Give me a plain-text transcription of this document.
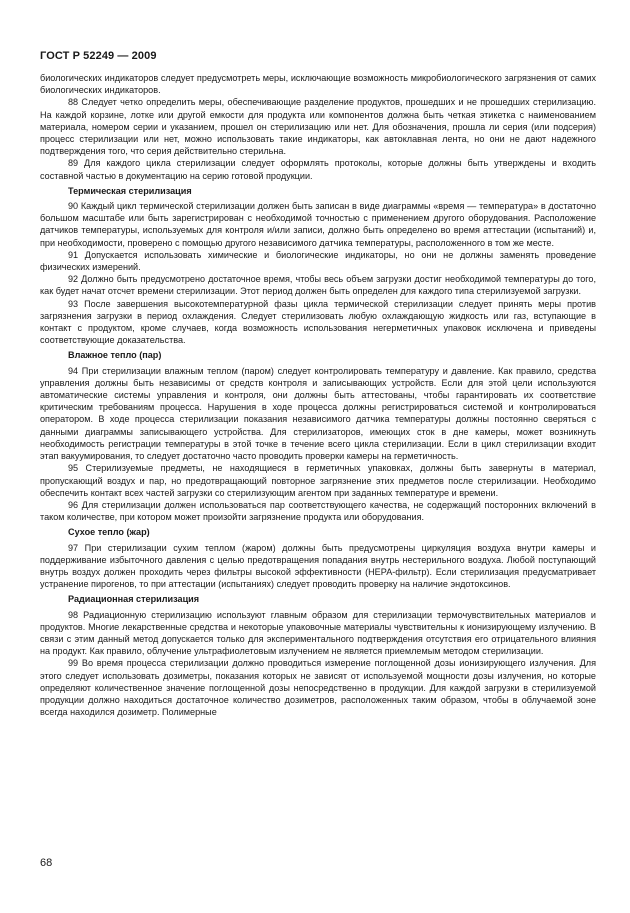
ГОСТ Р 52249 — 2009

биологических индикаторов следует предусмотреть меры, исключающие возможность микробиологического загрязнения от самих биологических индикаторов.

88 Следует четко определить меры, обеспечивающие разделение продуктов, прошедших и не прошедших стерилизацию. На каждой корзине, лотке или другой емкости для продукта или компонентов должна быть четкая этикетка с наименованием материала, номером серии и указанием, прошел он стерилизацию или нет. Для обозначения, прошла ли серия (или подсерия) процесс стерилизации или нет, можно использовать такие индикаторы, как автоклавная лента, но они не дают надежного подтверждения того, что серия действительно стерильна.

89 Для каждого цикла стерилизации следует оформлять протоколы, которые должны быть утверждены и входить составной частью в документацию на серию готовой продукции.

Термическая стерилизация

90 Каждый цикл термической стерилизации должен быть записан в виде диаграммы «время — температура» в достаточно большом масштабе или быть зарегистрирован с необходимой точностью с применением другого оборудования. Расположение датчиков температуры, используемых для контроля и/или записи, должно быть определено во время аттестации (испытаний) и, при необходимости, проверено с помощью другого независимого датчика температуры, расположенного в том же месте.

91 Допускается использовать химические и биологические индикаторы, но они не должны заменять проведение физических измерений.

92 Должно быть предусмотрено достаточное время, чтобы весь объем загрузки достиг необходимой температуры до того, как будет начат отсчет времени стерилизации. Этот период должен быть определен для каждого типа стерилизуемой загрузки.

93 После завершения высокотемпературной фазы цикла термической стерилизации следует принять меры против загрязнения загрузки в период охлаждения. Следует стерилизовать любую охлаждающую жидкость или газ, вступающие в контакт с продуктом, кроме случаев, когда возможность использования негерметичных упаковок исключена и приведены соответствующие доказательства.

Влажное тепло (пар)

94 При стерилизации влажным теплом (паром) следует контролировать температуру и давление. Как правило, средства управления должны быть независимы от средств контроля и записывающих устройств. Если для этой цели используются автоматические системы управления и контроля, они должны быть аттестованы, чтобы гарантировать их соответствие критическим требованиям процесса. Нарушения в ходе процесса должны регистрироваться системой и контролироваться оператором. В ходе процесса стерилизации показания независимого датчика температуры должны постоянно сверяться с данными диаграммы записывающего устройства. Для стерилизаторов, имеющих сток в дне камеры, может возникнуть необходимость регистрации температуры в этой точке в течение всего цикла стерилизации. Если в цикл стерилизации входит этап вакуумирования, то следует достаточно часто проводить проверки камеры на герметичность.

95 Стерилизуемые предметы, не находящиеся в герметичных упаковках, должны быть завернуты в материал, пропускающий воздух и пар, но предотвращающий повторное загрязнение этих предметов после стерилизации. Необходимо обеспечить контакт всех частей загрузки со стерилизующим агентом при заданных температуре и времени.

96 Для стерилизации должен использоваться пар соответствующего качества, не содержащий посторонних включений в таком количестве, при котором может произойти загрязнение продукта или оборудования.

Сухое тепло (жар)

97 При стерилизации сухим теплом (жаром) должны быть предусмотрены циркуляция воздуха внутри камеры и поддерживание избыточного давления с целью предотвращения попадания внутрь нестерильного воздуха. Любой поступающий внутрь воздух должен проходить через фильтры высокой эффективности (НЕРА-фильтр). Если стерилизация предусматривает устранение пирогенов, то при аттестации (испытаниях) следует проводить проверку на наличие эндотоксинов.

Радиационная стерилизация

98 Радиационную стерилизацию используют главным образом для стерилизации термочувствительных материалов и продуктов. Многие лекарственные средства и некоторые упаковочные материалы чувствительны к ионизирующему излучению. В связи с этим данный метод допускается только для экспериментального подтверждения отсутствия его отрицательного влияния на продукт. Как правило, облучение ультрафиолетовым излучением не является приемлемым методом стерилизации.

99 Во время процесса стерилизации должно проводиться измерение поглощенной дозы ионизирующего излучения. Для этого следует использовать дозиметры, показания которых не зависят от используемой мощности дозы излучения, но которые определяют количественное значение поглощенной дозы непосредственно в продукции. Для каждой загрузки в стерилизуемой продукции должно находиться достаточное количество дозиметров, расположенных таким образом, чтобы в облучаемой зоне всегда находился дозиметр. Полимерные

68
